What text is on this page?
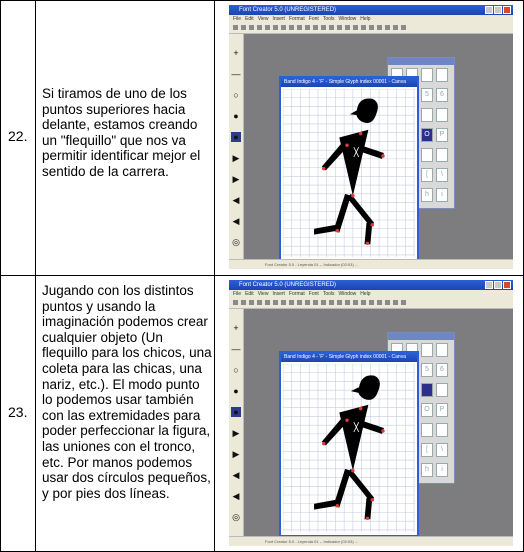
22.
Si tiramos de uno de los puntos superiores hacia delante, estamos creando un "flequillo" que nos va permitir identificar mejor el sentido de la carrera.
23.
Jugando con los distintos puntos y usando la imaginación podemos crear cualquier objeto (Un flequillo para los chicos, una coleta para las chicas, una nariz, etc.). El modo punto lo podemos usar también con las extremidades para poder perfeccionar la figura, las uniones con el tronco, etc. Por manos podemos usar dos círculos pequeños, y por pies dos líneas.
Font Creator 5.0 (UNREGISTERED)
File Edit View Insert Format Font Tools Window Help
+
—
○
●
●
▶
▶
◀
◀
◎
5	6
O	P
[	\
h	i
Band Indigo 4 - 'F' - Simple Glyph index 00001 - Canva
Font Creator 5.0 - Leyenda 01 -- Indicador (02:03) ...
Font Creator 5.0 (UNREGISTERED)
File Edit View Insert Format Font Tools Window Help
+
—
○
●
●
▶
▶
◀
◀
◎
5	6
O	P
[	\
h	i
Band Indigo 4 - 'F' - Simple Glyph index 00001 - Canva
Font Creator 5.0 - Leyenda 01 -- Indicador (02:03) ...
